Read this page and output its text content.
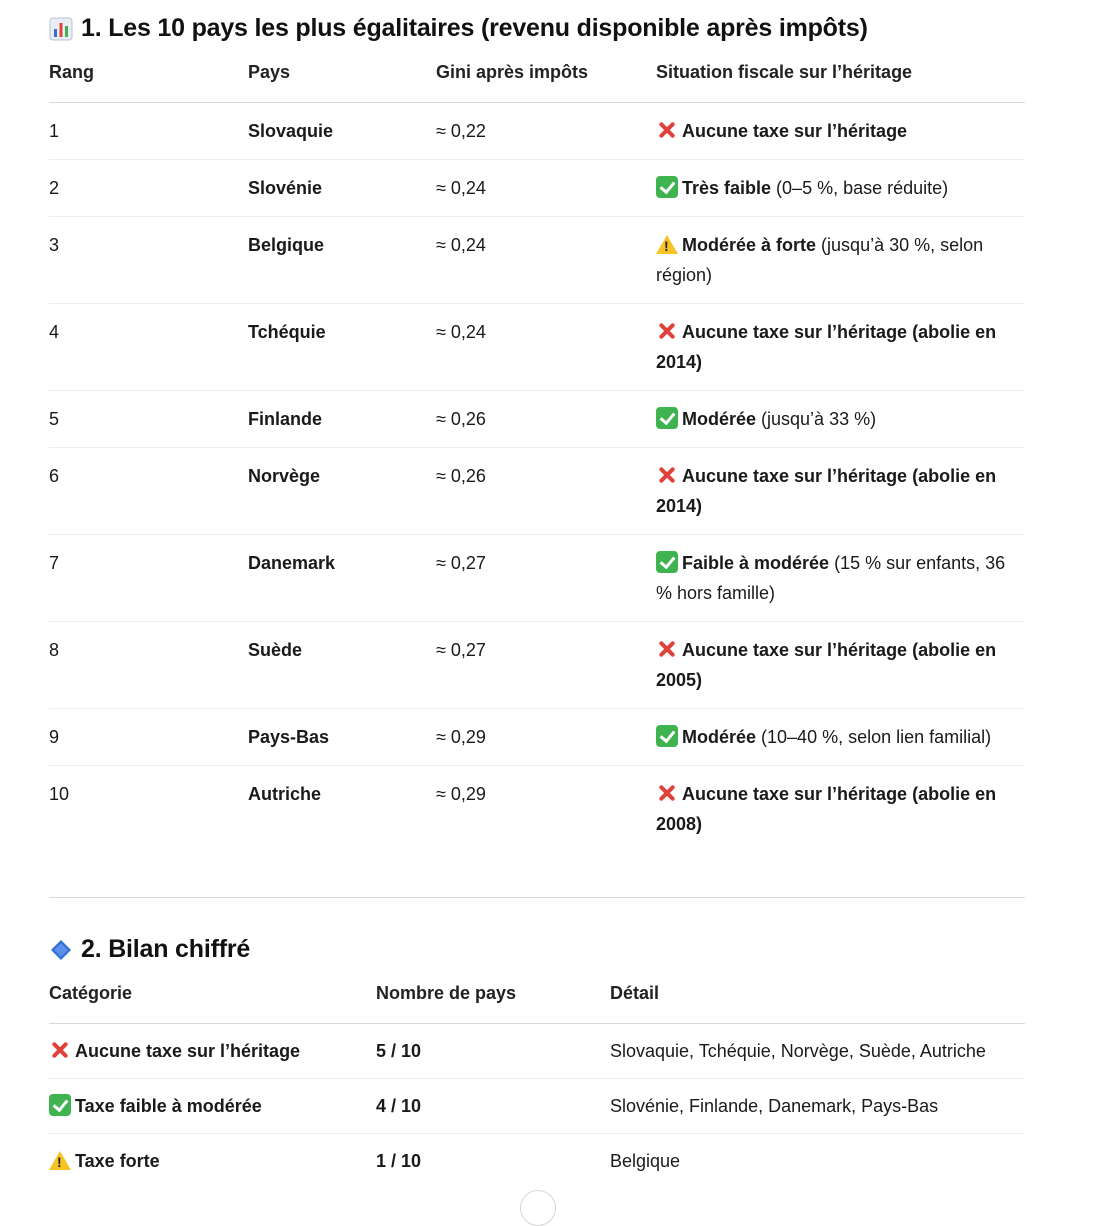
1. Les 10 pays les plus égalitaires (revenu disponible après impôts)
Rang	Pays	Gini après impôts	Situation fiscale sur l’héritage
1	Slovaquie	≈ 0,22	Aucune taxe sur l’héritage
2	Slovénie	≈ 0,24	Très faible (0–5 %, base réduite)
3	Belgique	≈ 0,24	!Modérée à forte (jusqu’à 30 %, selon région)
4	Tchéquie	≈ 0,24	Aucune taxe sur l’héritage (abolie en 2014)
5	Finlande	≈ 0,26	Modérée (jusqu’à 33 %)
6	Norvège	≈ 0,26	Aucune taxe sur l’héritage (abolie en 2014)
7	Danemark	≈ 0,27	Faible à modérée (15 % sur enfants, 36 % hors famille)
8	Suède	≈ 0,27	Aucune taxe sur l’héritage (abolie en 2005)
9	Pays-Bas	≈ 0,29	Modérée (10–40 %, selon lien familial)
10	Autriche	≈ 0,29	Aucune taxe sur l’héritage (abolie en 2008)
2. Bilan chiffré
Catégorie	Nombre de pays	Détail
Aucune taxe sur l’héritage	5 / 10	Slovaquie, Tchéquie, Norvège, Suède, Autriche
Taxe faible à modérée	4 / 10	Slovénie, Finlande, Danemark, Pays-Bas
!Taxe forte	1 / 10	Belgique
